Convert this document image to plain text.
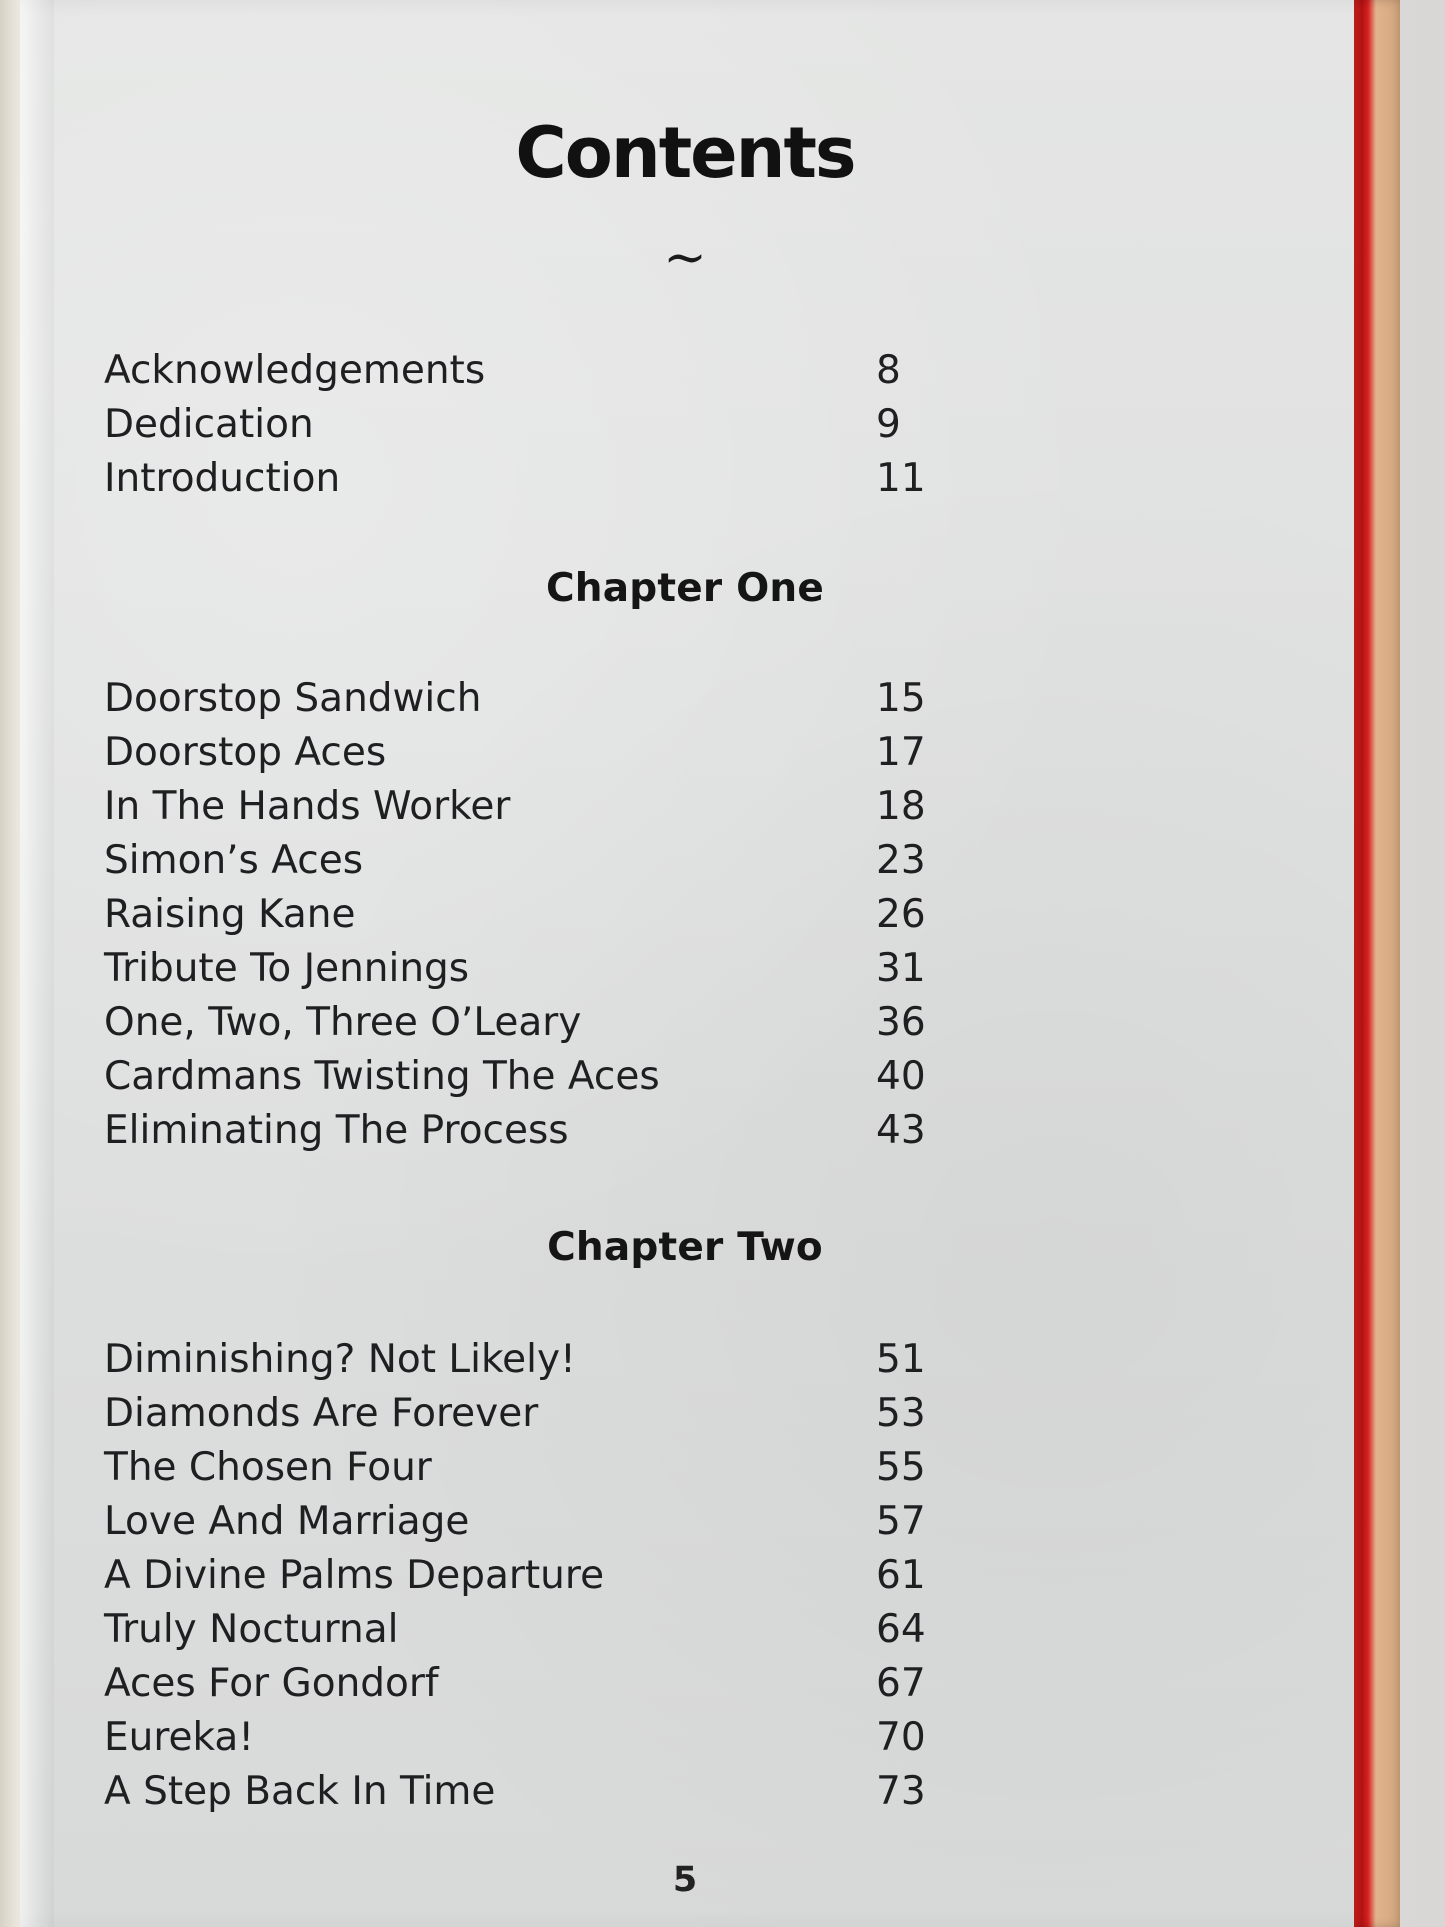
Contents
~
Acknowledgements	8
Dedication	9
Introduction	11
Chapter One
Doorstop Sandwich	15
Doorstop Aces	17
In The Hands Worker	18
Simon’s Aces	23
Raising Kane	26
Tribute To Jennings	31
One, Two, Three O’Leary	36
Cardmans Twisting The Aces	40
Eliminating The Process	43
Chapter Two
Diminishing? Not Likely!	51
Diamonds Are Forever	53
The Chosen Four	55
Love And Marriage	57
A Divine Palms Departure	61
Truly Nocturnal	64
Aces For Gondorf	67
Eureka!	70
A Step Back In Time	73
5
